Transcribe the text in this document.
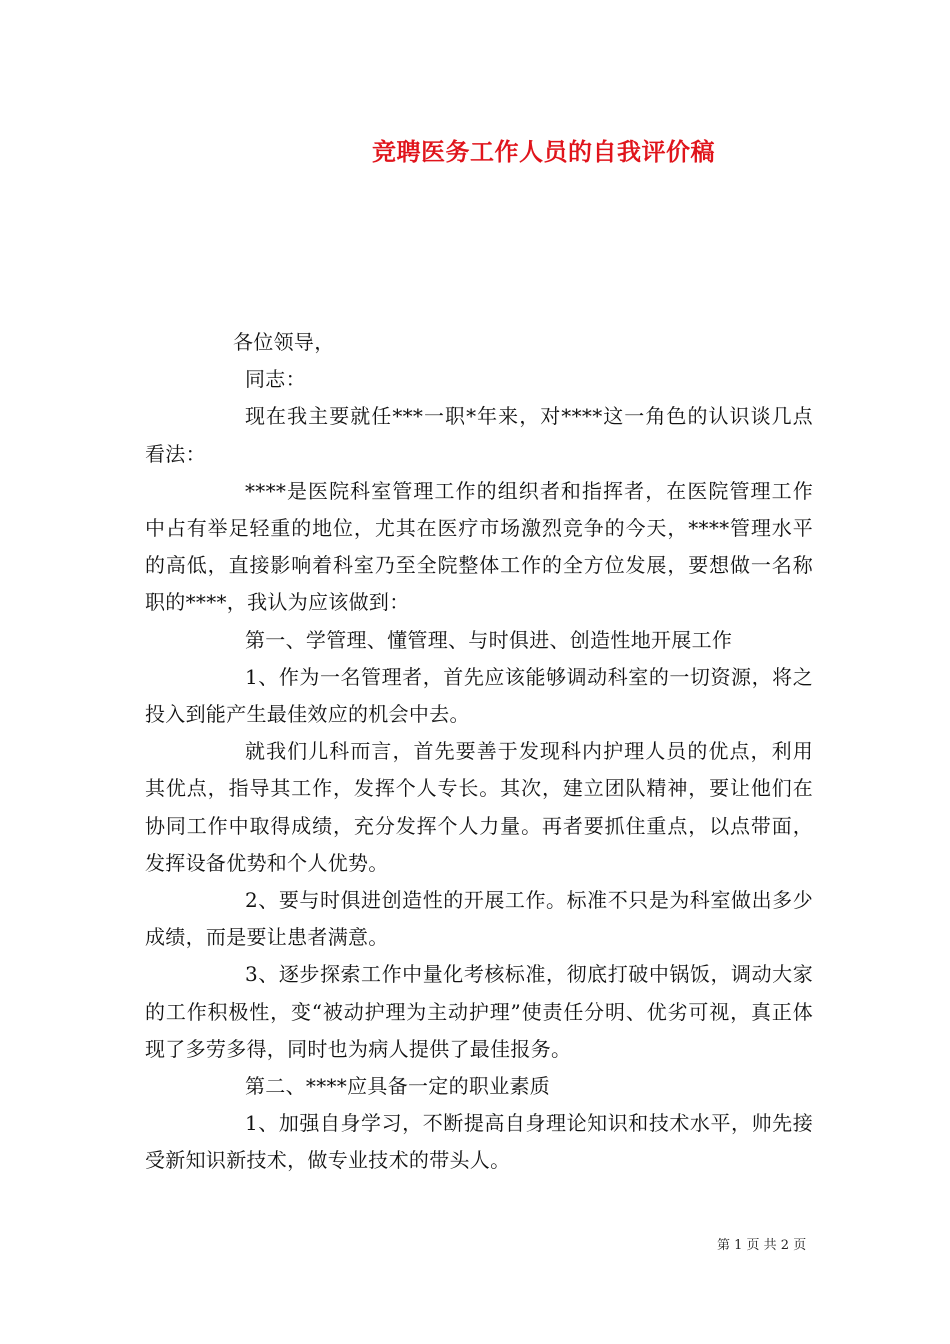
竞聘医务工作人员的自我评价稿

各位领导，

同志：

现在我主要就任***一职*年来，对****这一角色的认识谈几点看法：

****是医院科室管理工作的组织者和指挥者，在医院管理工作中占有举足轻重的地位，尤其在医疗市场激烈竞争的今天，****管理水平的高低，直接影响着科室乃至全院整体工作的全方位发展，要想做一名称职的****，我认为应该做到：

第一、学管理、懂管理、与时俱进、创造性地开展工作

1、作为一名管理者，首先应该能够调动科室的一切资源，将之投入到能产生最佳效应的机会中去。

就我们儿科而言，首先要善于发现科内护理人员的优点，利用其优点，指导其工作，发挥个人专长。其次，建立团队精神，要让他们在协同工作中取得成绩，充分发挥个人力量。再者要抓住重点，以点带面，发挥设备优势和个人优势。

2、要与时俱进创造性的开展工作。标准不只是为科室做出多少成绩，而是要让患者满意。

3、逐步探索工作中量化考核标准，彻底打破中锅饭，调动大家的工作积极性，变“被动护理为主动护理”使责任分明、优劣可视，真正体现了多劳多得，同时也为病人提供了最佳报务。

第二、****应具备一定的职业素质

1、加强自身学习，不断提高自身理论知识和技术水平，帅先接受新知识新技术，做专业技术的带头人。

第 1 页 共 2 页
